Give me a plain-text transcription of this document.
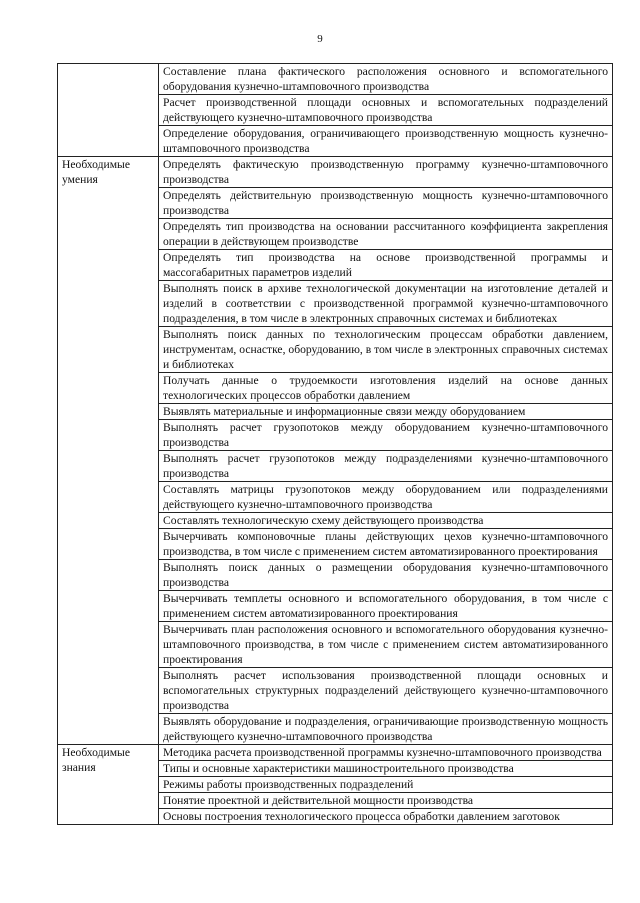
9
	Составление плана фактического расположения основного и вспомогательного оборудования кузнечно-штамповочного производства
	Расчет производственной площади основных и вспомогательных подразделений действующего кузнечно-штамповочного производства
	Определение оборудования, ограничивающего производственную мощность кузнечно-штамповочного производства
Необходимые умения	Определять фактическую производственную программу кузнечно-штамповочного производства
	Определять действительную производственную мощность кузнечно-штамповочного производства
	Определять тип производства на основании рассчитанного коэффициента закрепления операции в действующем производстве
	Определять тип производства на основе производственной программы и массогабаритных параметров изделий
	Выполнять поиск в архиве технологической документации на изготовление деталей и изделий в соответствии с производственной программой кузнечно-штамповочного подразделения, в том числе в электронных справочных системах и библиотеках
	Выполнять поиск данных по технологическим процессам обработки давлением, инструментам, оснастке, оборудованию, в том числе в электронных справочных системах и библиотеках
	Получать данные о трудоемкости изготовления изделий на основе данных технологических процессов обработки давлением
	Выявлять материальные и информационные связи между оборудованием
	Выполнять расчет грузопотоков между оборудованием кузнечно-штамповочного производства
	Выполнять расчет грузопотоков между подразделениями кузнечно-штамповочного производства
	Составлять матрицы грузопотоков между оборудованием или подразделениями действующего кузнечно-штамповочного производства
	Составлять технологическую схему действующего производства
	Вычерчивать компоновочные планы действующих цехов кузнечно-штамповочного производства, в том числе с применением систем автоматизированного проектирования
	Выполнять поиск данных о размещении оборудования кузнечно-штамповочного производства
	Вычерчивать темплеты основного и вспомогательного оборудования, в том числе с применением систем автоматизированного проектирования
	Вычерчивать план расположения основного и вспомогательного оборудования кузнечно-штамповочного производства, в том числе с применением систем автоматизированного проектирования
	Выполнять расчет использования производственной площади основных и вспомогательных структурных подразделений действующего кузнечно-штамповочного производства
	Выявлять оборудование и подразделения, ограничивающие производственную мощность действующего кузнечно-штамповочного производства
Необходимые знания	Методика расчета производственной программы кузнечно-штамповочного производства
	Типы и основные характеристики машиностроительного производства
	Режимы работы производственных подразделений
	Понятие проектной и действительной мощности производства
	Основы построения технологического процесса обработки давлением заготовок
